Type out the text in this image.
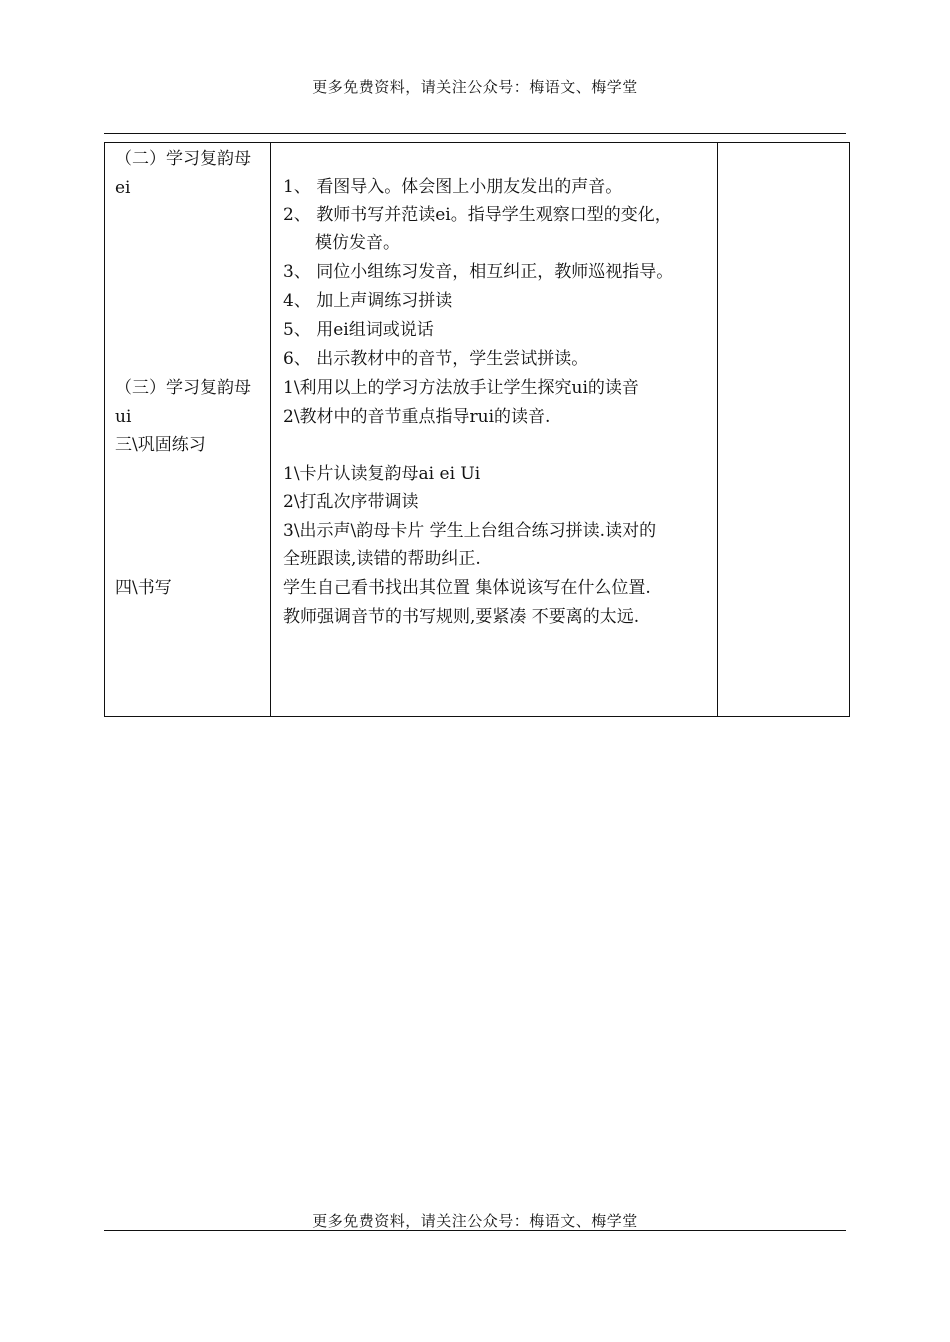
更多免费资料，请关注公众号：梅语文、梅学堂
（二）学习复韵母
ei
（三）学习复韵母
ui
三\巩固练习
四\书写
1、 看图导入。体会图上小朋友发出的声音。
2、 教师书写并范读ei。指导学生观察口型的变化，
模仿发音。
3、 同位小组练习发音，相互纠正，教师巡视指导。
4、 加上声调练习拼读
5、 用ei组词或说话
6、 出示教材中的音节，学生尝试拼读。
1\利用以上的学习方法放手让学生探究ui的读音
2\教材中的音节重点指导rui的读音.
1\卡片认读复韵母ai ei Ui
2\打乱次序带调读
3\出示声\韵母卡片 学生上台组合练习拼读.读对的
全班跟读,读错的帮助纠正.
学生自己看书找出其位置 集体说该写在什么位置.
教师强调音节的书写规则,要紧凑 不要离的太远.
更多免费资料，请关注公众号：梅语文、梅学堂
